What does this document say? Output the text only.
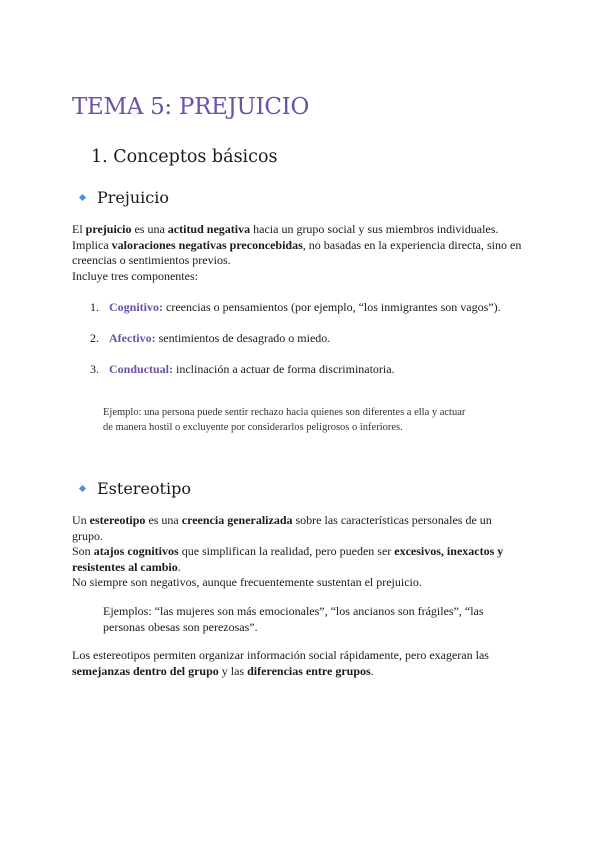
TEMA 5: PREJUICIO
1. Conceptos básicos
Prejuicio

El prejuicio es una actitud negativa hacia un grupo social y sus miembros individuales.
Implica valoraciones negativas preconcebidas, no basadas en la experiencia directa, sino en creencias o sentimientos previos.
Incluye tres componentes:

1. Cognitivo: creencias o pensamientos (por ejemplo, “los inmigrantes son vagos”).
2. Afectivo: sentimientos de desagrado o miedo.
3. Conductual: inclinación a actuar de forma discriminatoria.
Ejemplo: una persona puede sentir rechazo hacia quienes son diferentes a ella y actuar
de manera hostil o excluyente por considerarlos peligrosos o inferiores.
Estereotipo

Un estereotipo es una creencia generalizada sobre las características personales de un grupo.
Son atajos cognitivos que simplifican la realidad, pero pueden ser excesivos, inexactos y resistentes al cambio.
No siempre son negativos, aunque frecuentemente sustentan el prejuicio.

Ejemplos: “las mujeres son más emocionales”, “los ancianos son frágiles”, “las personas obesas son perezosas”.

Los estereotipos permiten organizar información social rápidamente, pero exageran las semejanzas dentro del grupo y las diferencias entre grupos.
